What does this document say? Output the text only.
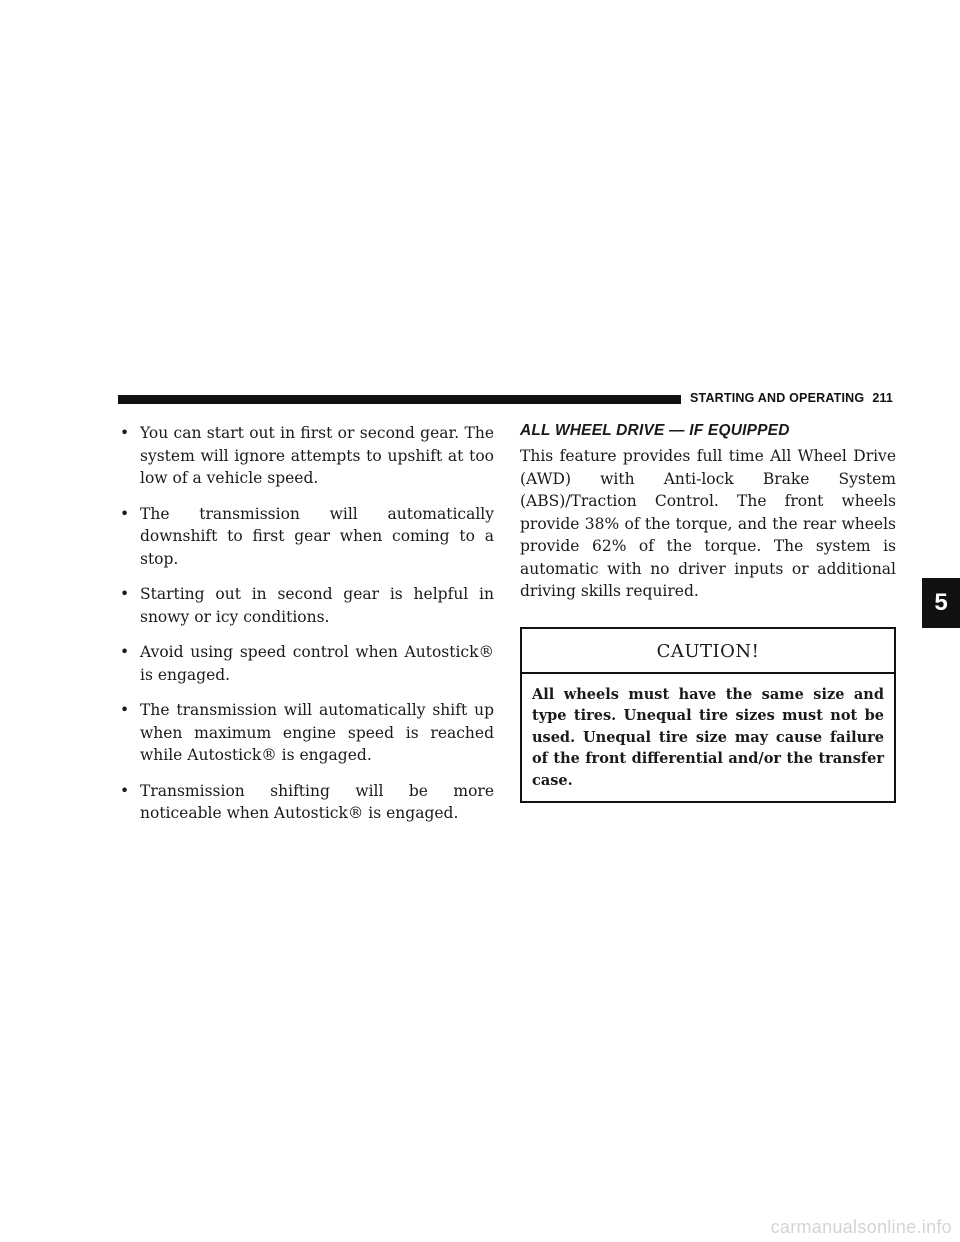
STARTING AND OPERATING 211
• You can start out in first or second gear. The system will ignore attempts to upshift at too low of a vehicle speed.
• The transmission will automatically downshift to first gear when coming to a stop.
• Starting out in second gear is helpful in snowy or icy conditions.
• Avoid using speed control when Autostick® is engaged.
• The transmission will automatically shift up when maximum engine speed is reached while Autostick® is engaged.
• Transmission shifting will be more noticeable when Autostick® is engaged.
ALL WHEEL DRIVE — IF EQUIPPED

This feature provides full time All Wheel Drive (AWD) with Anti-lock Brake System (ABS)/Traction Control. The front wheels provide 38% of the torque, and the rear wheels provide 62% of the torque. The system is automatic with no driver inputs or additional driving skills required.

CAUTION!

All wheels must have the same size and type tires. Unequal tire sizes must not be used. Unequal tire size may cause failure of the front differential and/or the transfer case.

5
carmanualsonline.info
